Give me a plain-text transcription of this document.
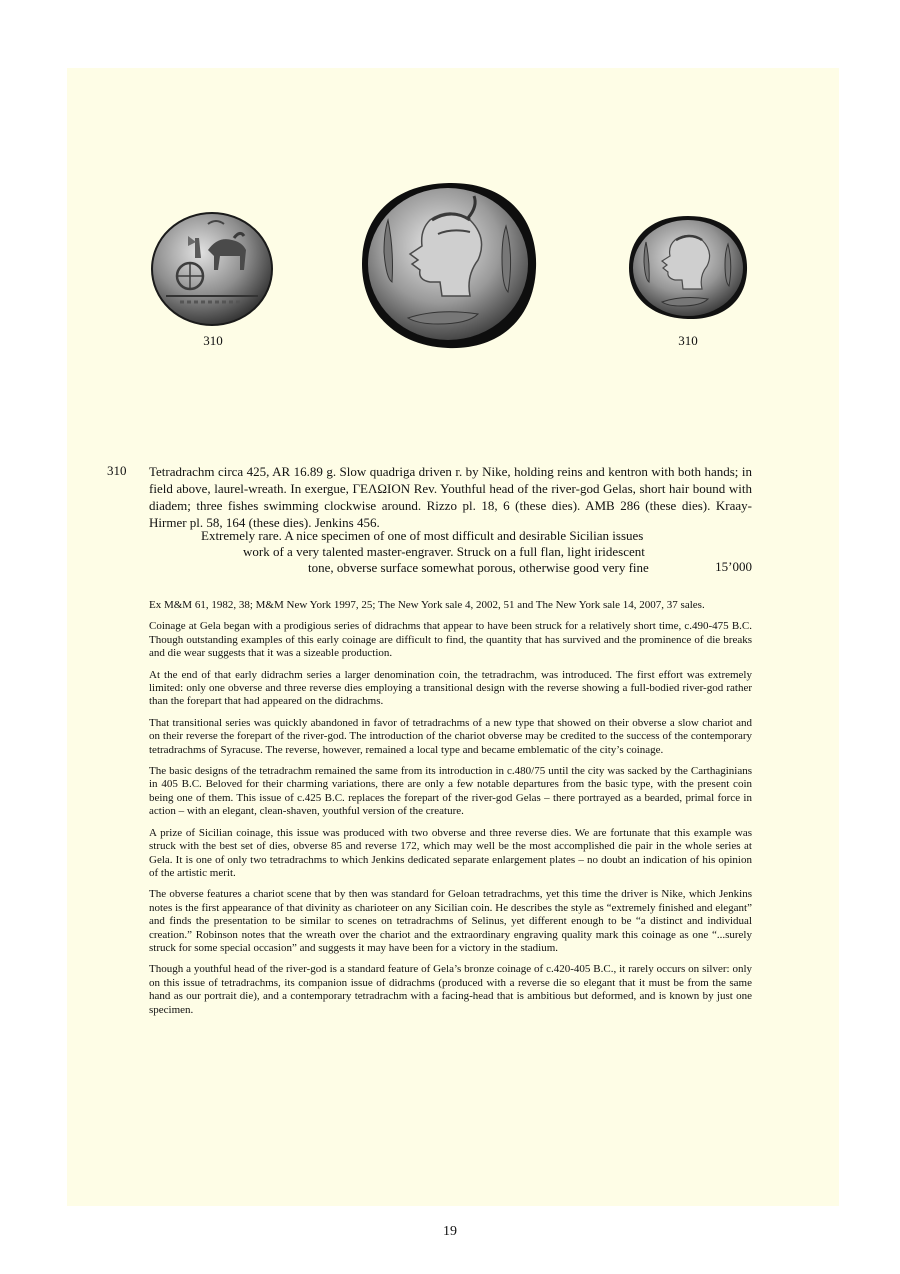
310	310
310 Tetradrachm circa 425, AR 16.89 g. Slow quadriga driven r. by Nike, holding reins and kentron with both hands; in field above, laurel-wreath. In exergue, ΓΕΛΩΙΟΝ Rev. Youthful head of the river-god Gelas, short hair bound with diadem; three fishes swimming clockwise around. Rizzo pl. 18, 6 (these dies). AMB 286 (these dies). Kraay-Hirmer pl. 58, 164 (these dies). Jenkins 456.
Extremely rare. A nice specimen of one of most difficult and desirable Sicilian issues
work of a very talented master-engraver. Struck on a full flan, light iridescent
tone, obverse surface somewhat porous, otherwise good very fine	15’000

Ex M&M 61, 1982, 38; M&M New York 1997, 25; The New York sale 4, 2002, 51 and The New York sale 14, 2007, 37 sales.

Coinage at Gela began with a prodigious series of didrachms that appear to have been struck for a relatively short time, c.490-475 B.C. Though outstanding examples of this early coinage are difficult to find, the quantity that has survived and the prominence of die breaks and die wear suggests that it was a sizeable production.

At the end of that early didrachm series a larger denomination coin, the tetradrachm, was introduced. The first effort was extremely limited: only one obverse and three reverse dies employing a transitional design with the reverse showing a full-bodied river-god rather than the forepart that had appeared on the didrachms.

That transitional series was quickly abandoned in favor of tetradrachms of a new type that showed on their obverse a slow chariot and on their reverse the forepart of the river-god. The introduction of the chariot obverse may be credited to the success of the contemporary tetradrachms of Syracuse. The reverse, however, remained a local type and became emblematic of the city’s coinage.

The basic designs of the tetradrachm remained the same from its introduction in c.480/75 until the city was sacked by the Carthaginians in 405 B.C. Beloved for their charming variations, there are only a few notable departures from the basic type, with the present coin being one of them. This issue of c.425 B.C. replaces the forepart of the river-god Gelas – there portrayed as a bearded, primal force in action – with an elegant, clean-shaven, youthful version of the creature.

A prize of Sicilian coinage, this issue was produced with two obverse and three reverse dies. We are fortunate that this example was struck with the best set of dies, obverse 85 and reverse 172, which may well be the most accomplished die pair in the whole series at Gela. It is one of only two tetradrachms to which Jenkins dedicated separate enlargement plates – no doubt an indication of his opinion of the artistic merit.

The obverse features a chariot scene that by then was standard for Geloan tetradrachms, yet this time the driver is Nike, which Jenkins notes is the first appearance of that divinity as charioteer on any Sicilian coin. He describes the style as “extremely finished and elegant” and finds the presentation to be similar to scenes on tetradrachms of Selinus, yet different enough to be “a distinct and individual creation.” Robinson notes that the wreath over the chariot and the extraordinary engraving quality mark this coinage as one “...surely struck for some special occasion” and suggests it may have been for a victory in the stadium.

Though a youthful head of the river-god is a standard feature of Gela’s bronze coinage of c.420-405 B.C., it rarely occurs on silver: only on this issue of tetradrachms, its companion issue of didrachms (produced with a reverse die so elegant that it must be from the same hand as our portrait die), and a contemporary tetradrachm with a facing-head that is ambitious but deformed, and is known by just one specimen.

19
